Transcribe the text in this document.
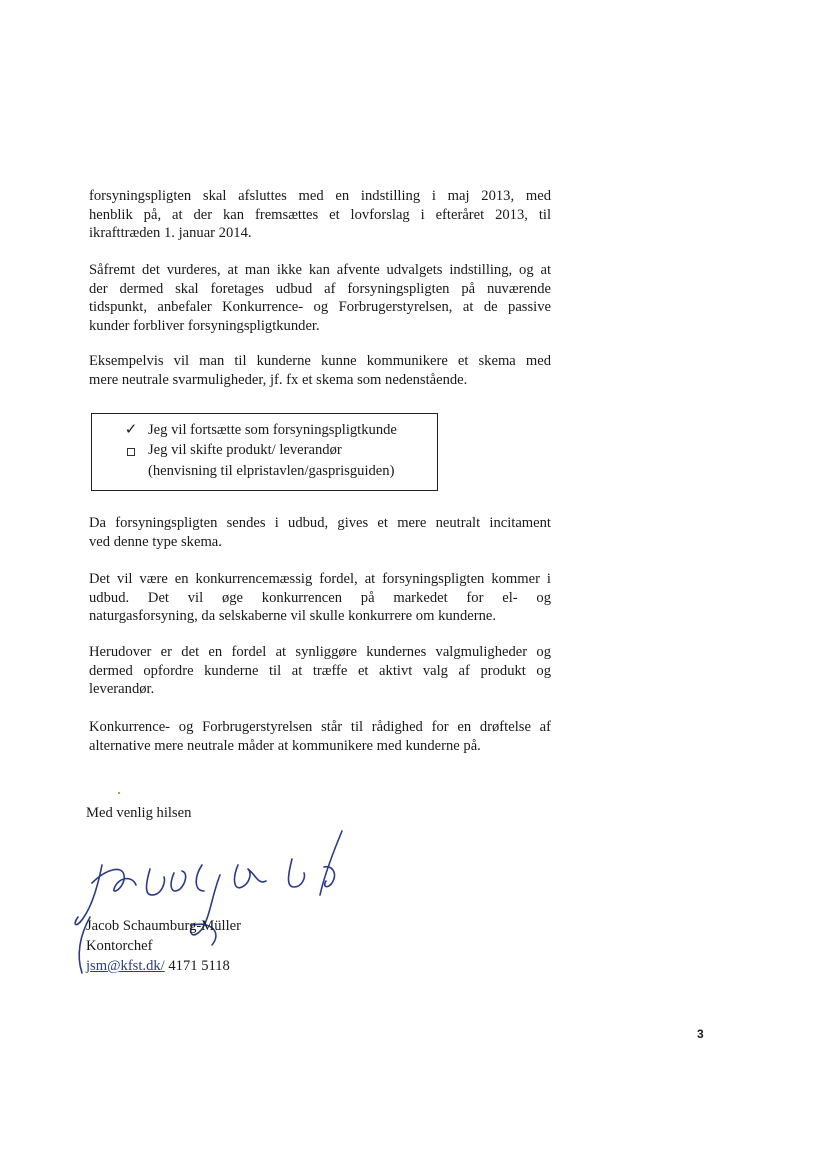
forsyningspligten skal afsluttes med en indstilling i maj 2013, med
henblik på, at der kan fremsættes et lovforslag i efteråret 2013, til
ikrafttræden 1. januar 2014.
Såfremt det vurderes, at man ikke kan afvente udvalgets indstilling, og at
der dermed skal foretages udbud af forsyningspligten på nuværende
tidspunkt, anbefaler Konkurrence- og Forbrugerstyrelsen, at de passive
kunder forbliver forsyningspligtkunder.
Eksempelvis vil man til kunderne kunne kommunikere et skema med
mere neutrale svarmuligheder, jf. fx et skema som nedenstående.
✓ Jeg vil fortsætte som forsyningspligtkunde
Jeg vil skifte produkt/ leverandør
(henvisning til elpristavlen/gasprisguiden)
Da forsyningspligten sendes i udbud, gives et mere neutralt incitament
ved denne type skema.
Det vil være en konkurrencemæssig fordel, at forsyningspligten kommer i
udbud. Det vil øge konkurrencen på markedet for el- og
naturgasforsyning, da selskaberne vil skulle konkurrere om kunderne.
Herudover er det en fordel at synliggøre kundernes valgmuligheder og
dermed opfordre kunderne til at træffe et aktivt valg af produkt og
leverandør.
Konkurrence- og Forbrugerstyrelsen står til rådighed for en drøftelse af
alternative mere neutrale måder at kommunikere med kunderne på.
Med venlig hilsen
Jacob Schaumburg-Müller
Kontorchef
jsm@kfst.dk/ 4171 5118
3
